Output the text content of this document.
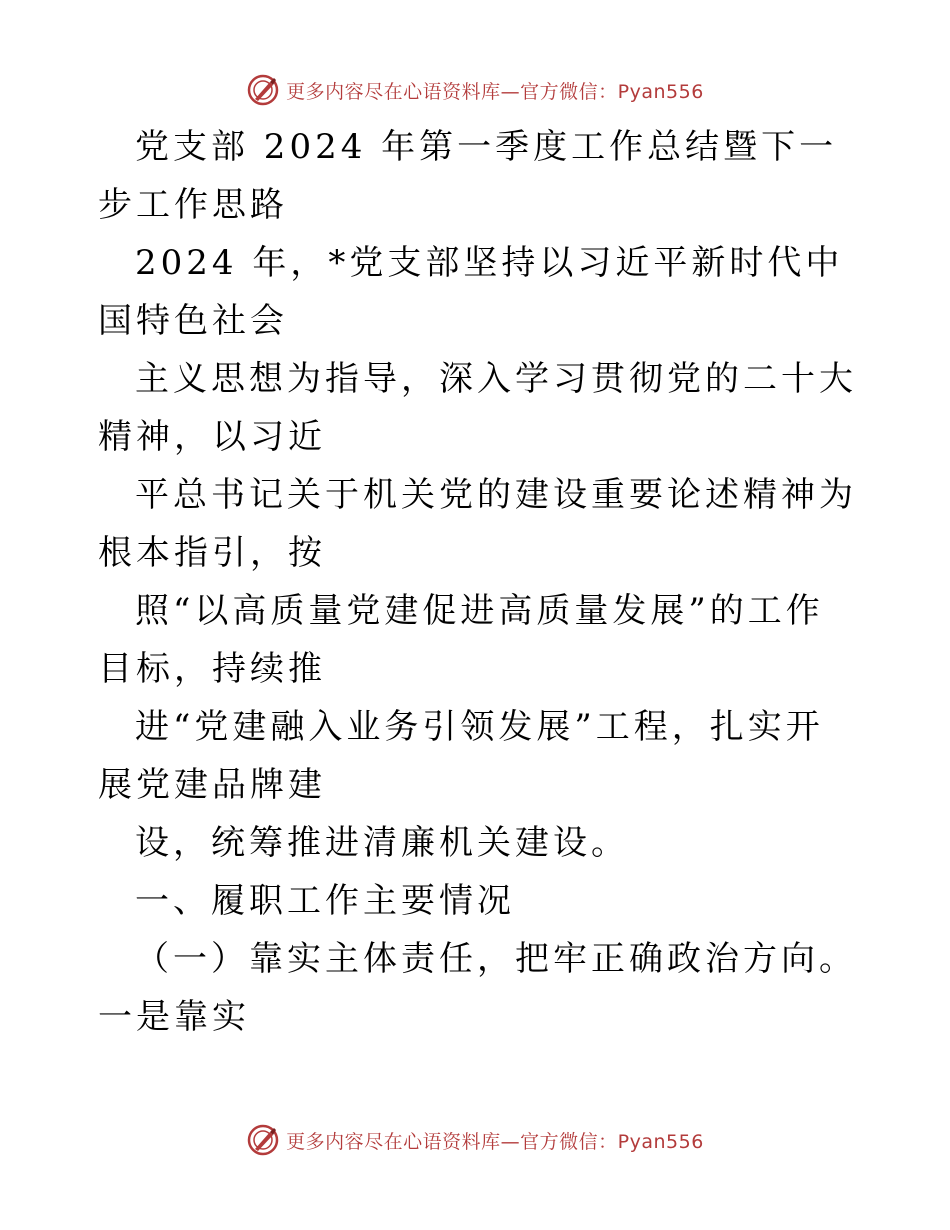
更多内容尽在心语资料库—官方微信：Pyan556

党支部 2024 年第一季度工作总结暨下一步工作思路

2024 年，*党支部坚持以习近平新时代中国特色社会

主义思想为指导，深入学习贯彻党的二十大精神，以习近

平总书记关于机关党的建设重要论述精神为根本指引，按

照“以高质量党建促进高质量发展”的工作目标，持续推

进“党建融入业务引领发展”工程，扎实开展党建品牌建

设，统筹推进清廉机关建设。

一、履职工作主要情况

（一）靠实主体责任，把牢正确政治方向。一是靠实

更多内容尽在心语资料库—官方微信：Pyan556
